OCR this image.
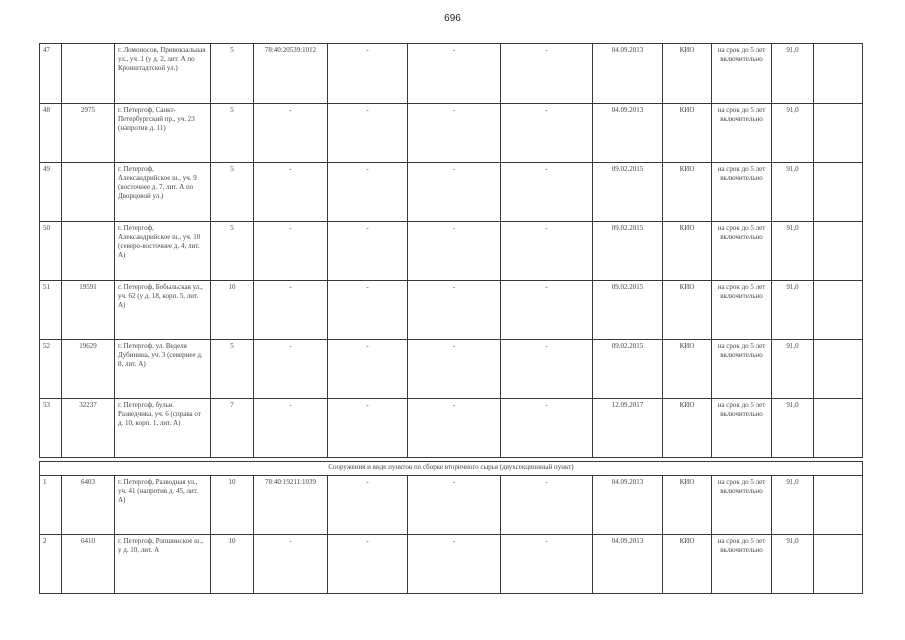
696
47		г. Ломоносов, Привокзальная ул., уч. 1 (у д. 2, лит. А по Кронштадтской ул.)	5	78:40:20539:1012	-	-	-	04.09.2013	КИО	на срок до 5 лет включительно	91,0	
48	2975	г. Петергоф, Санкт-Петербургский пр., уч. 23 (напротив д. 11)	5	-	-	-	-	04.09.2013	КИО	на срок до 5 лет включительно	91,0	
49		г. Петергоф, Александрийское ш., уч. 9 (восточнее д. 7, лит. А по Дворцовой ул.)	5	-	-	-	-	09.02.2015	КИО	на срок до 5 лет включительно	91,0	
50		г. Петергоф, Александрийское ш., уч. 10 (северо-восточнее д. 4, лит. А)	5	-	-	-	-	09.02.2015	КИО	на срок до 5 лет включительно	91,0	
51	19591	г. Петергоф, Бобыльская ул., уч. 62 (у д. 18, корп. 5, лит. А)	10	-	-	-	-	09.02.2015	КИО	на срок до 5 лет включительно	91,0	
52	19629	г. Петергоф, ул. Веделя Дубинина, уч. 3 (севернее д. 8, лит. А)	5	-	-	-	-	09.02.2015	КИО	на срок до 5 лет включительно	91,0	
53	32237	г. Петергоф, бульв. Разведчика, уч. 6 (справа от д. 10, корп. 1, лит. А)	7	-	-	-	-	12.09.2017	КИО	на срок до 5 лет включительно	91,0	

Сооружения и виде пунктов по сборке вторичного сырья (двухсекционный пункт)												
1	6403	г. Петергоф, Разводная ул., уч. 41 (напротив д. 45, лит. А)	10	78:40:19211:1039	-	-	-	04.09.2013	КИО	на срок до 5 лет включительно	91,0	
2	6410	г. Петергоф, Ропшинское ш., у д. 10, лит. А	10	-	-	-	-	04.09.2013	КИО	на срок до 5 лет включительно	91,0	
